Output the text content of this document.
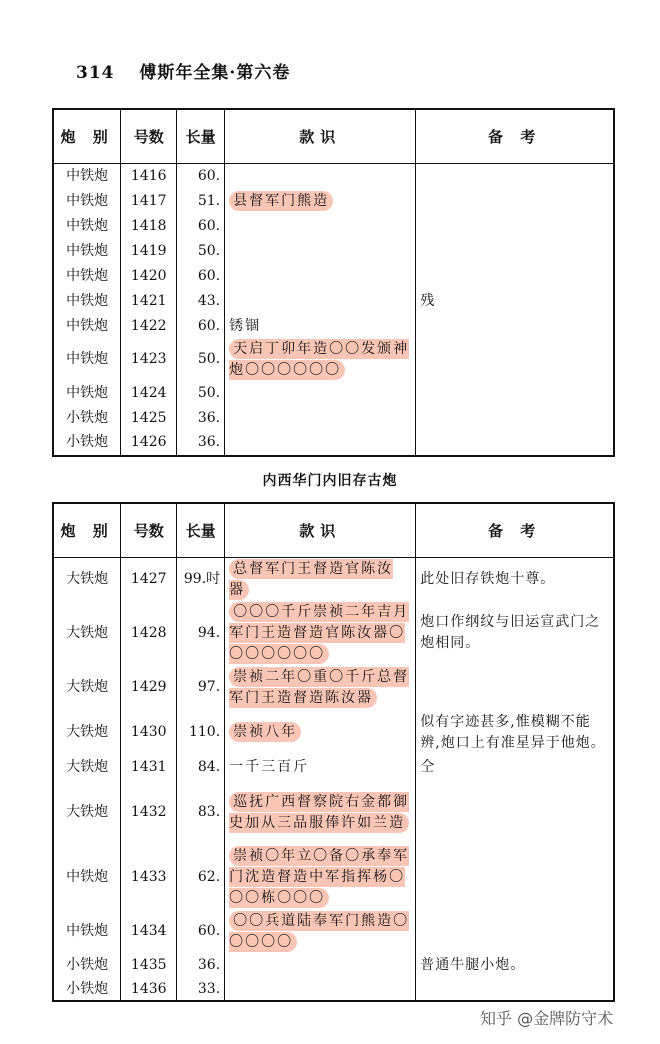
314 傅斯年全集·第六卷
炮 别	号数	长量	款识	备 考
中铁炮	1416	60.		
中铁炮	1417	51.	县督军门熊造	
中铁炮	1418	60.		
中铁炮	1419	50.		
中铁炮	1420	60.		
中铁炮	1421	43.		残
中铁炮	1422	60.	锈锢	
中铁炮	1423	50.	天启丁卯年造〇〇发颁神炮〇〇〇〇〇〇	
中铁炮	1424	50.		
小铁炮	1425	36.		
小铁炮	1426	36.		
内西华门内旧存古炮
炮 别	号数	长量	款识	备 考
大铁炮	1427	99.吋	总督军门王督造官陈汝器	此处旧存铁炮十尊。
大铁炮	1428	94.	〇〇〇千斤崇祯二年吉月军门王造督造官陈汝器〇〇〇〇〇〇〇	炮口作纲纹与旧运宣武门之炮相同。
大铁炮	1429	97.	崇祯二年〇重〇千斤总督军门王造督造陈汝器	
大铁炮	1430	110.	崇祯八年	似有字迹甚多,惟模糊不能辨,炮口上有准星异于他炮。
大铁炮	1431	84.	一千三百斤	仝
大铁炮	1432	83.	巡抚广西督察院右金都御史加从三品服俸许如兰造	
中铁炮	1433	62.	崇祯〇年立〇备〇承奉军门沈造督造中军指挥杨〇〇〇栋〇〇〇	
中铁炮	1434	60.	〇〇兵道陆奉军门熊造〇〇〇〇〇	
小铁炮	1435	36.		普通牛腿小炮。
小铁炮	1436	33.		
知乎 @金牌防守术
